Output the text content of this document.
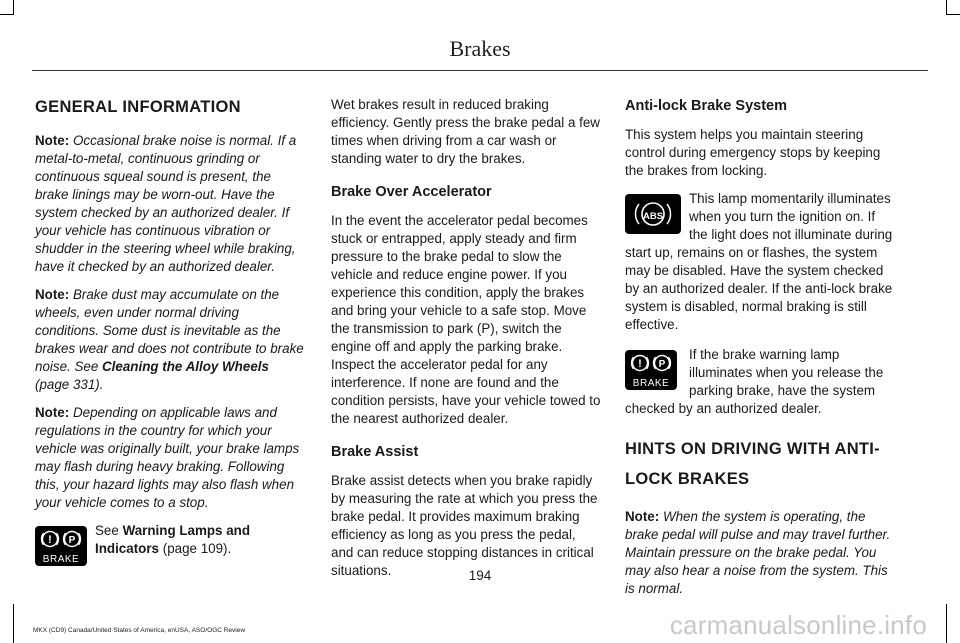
Brakes
GENERAL INFORMATION

Note: Occasional brake noise is normal. If a metal-to-metal, continuous grinding or continuous squeal sound is present, the brake linings may be worn-out. Have the system checked by an authorized dealer. If your vehicle has continuous vibration or shudder in the steering wheel while braking, have it checked by an authorized dealer.

Note: Brake dust may accumulate on the wheels, even under normal driving conditions. Some dust is inevitable as the brakes wear and does not contribute to brake noise. See Cleaning the Alloy Wheels (page 331).

Note: Depending on applicable laws and regulations in the country for which your vehicle was originally built, your brake lamps may flash during heavy braking. Following this, your hazard lights may also flash when your vehicle comes to a stop.

! P
BRAKE
See Warning Lamps and Indicators (page 109).

Wet brakes result in reduced braking efficiency. Gently press the brake pedal a few times when driving from a car wash or standing water to dry the brakes.

Brake Over Accelerator

In the event the accelerator pedal becomes stuck or entrapped, apply steady and firm pressure to the brake pedal to slow the vehicle and reduce engine power. If you experience this condition, apply the brakes and bring your vehicle to a safe stop. Move the transmission to park (P), switch the engine off and apply the parking brake. Inspect the accelerator pedal for any interference. If none are found and the condition persists, have your vehicle towed to the nearest authorized dealer.

Brake Assist

Brake assist detects when you brake rapidly by measuring the rate at which you press the brake pedal. It provides maximum braking efficiency as long as you press the pedal, and can reduce stopping distances in critical situations.

Anti-lock Brake System

This system helps you maintain steering control during emergency stops by keeping the brakes from locking.

ABS
This lamp momentarily illuminates when you turn the ignition on. If the light does not illuminate during start up, remains on or flashes, the system may be disabled. Have the system checked by an authorized dealer. If the anti-lock brake system is disabled, normal braking is still effective.

! P
BRAKE
If the brake warning lamp illuminates when you release the parking brake, have the system checked by an authorized dealer.

HINTS ON DRIVING WITH ANTI-LOCK BRAKES

Note: When the system is operating, the brake pedal will pulse and may travel further. Maintain pressure on the brake pedal. You may also hear a noise from the system. This is normal.

194
MKX (CD9) Canada/United States of America, enUSA, ASO/OGC Review	carmanualsonline.info
